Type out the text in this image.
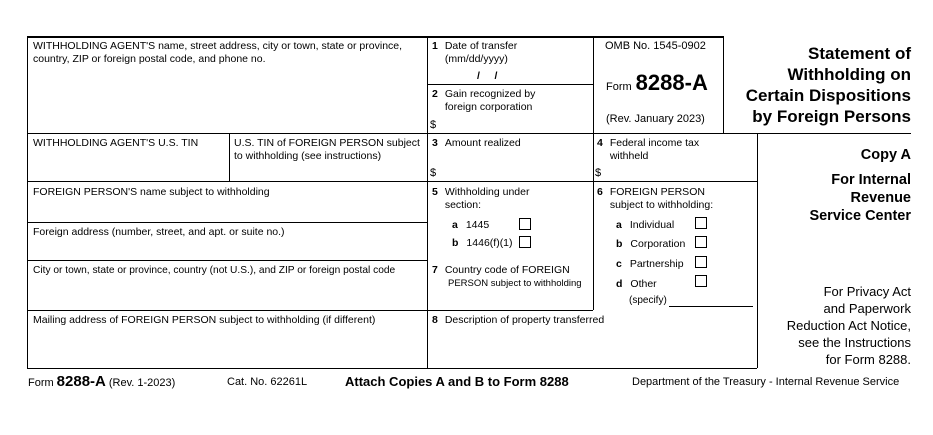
WITHHOLDING AGENT'S name, street address, city or town, state or province, country, ZIP or foreign postal code, and phone no.
WITHHOLDING AGENT'S U.S. TIN	U.S. TIN of FOREIGN PERSON subject to withholding (see instructions)
FOREIGN PERSON'S name subject to withholding
Foreign address (number, street, and apt. or suite no.)
City or town, state or province, country (not U.S.), and ZIP or foreign postal code
Mailing address of FOREIGN PERSON subject to withholding (if different)
1 Date of transfer (mm/dd/yyyy)
/     /
2 Gain recognized by foreign corporation
$
3 Amount realized
$
4 Federal income tax withheld
$
5 Withholding under section:
a 1445
b 1446(f)(1)
6 FOREIGN PERSON subject to withholding:
a Individual
b Corporation
c Partnership
d Other
(specify)
7 Country code of FOREIGN
PERSON subject to withholding
8 Description of property transferred
OMB No. 1545-0902
Form 8288-A
(Rev. January 2023)
Statement of
Withholding on
Certain Dispositions
by Foreign Persons
Copy A
For Internal
Revenue
Service Center
For Privacy Act
and Paperwork
Reduction Act Notice,
see the Instructions
for Form 8288.
Form 8288-A (Rev. 1-2023)	Cat. No. 62261L	Attach Copies A and B to Form 8288	Department of the Treasury - Internal Revenue Service
